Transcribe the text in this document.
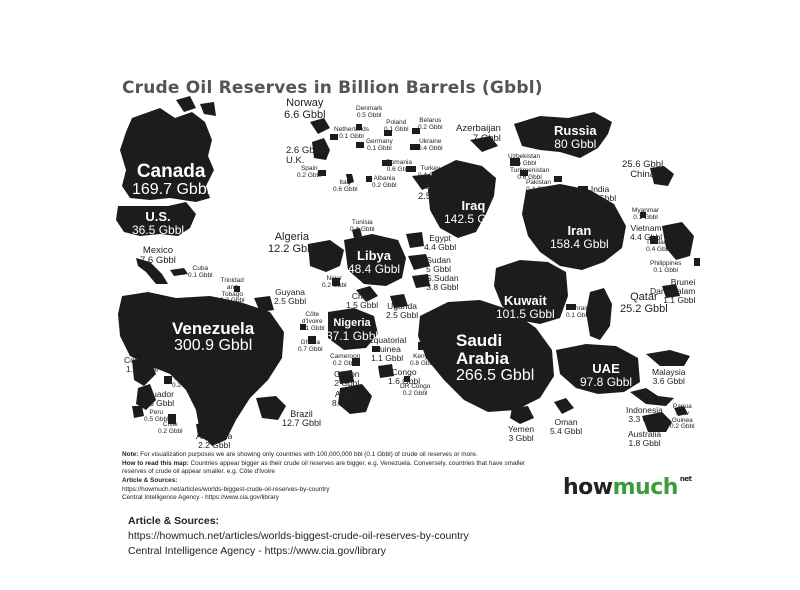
Crude Oil Reserves in Billion Barrels (Gbbl)
Canada
169.7 Gbbl
U.S.
36.5 Gbbl
Venezuela
300.9 Gbbl
Iraq
142.5 Gbbl
Iran
158.4 Gbbl
Russia
80 Gbbl
Kuwait
101.5 Gbbl
Saudi
Arabia
266.5 Gbbl	UAE
97.8 Gbbl
Libya
48.4 Gbbl
Nigeria
37.1 Gbbl
Norway
6.6 Gbbl
Denmark
0.5 Gbbl
Netherlands
0.1 Gbbl
Poland
0.1 Gbbl
Belarus
0.2 Gbbl
2.6 Gbbl
U.K.
Germany
0.1 Gbbl
Ukraine
0.4 Gbbl
Spain
0.2 Gbbl
Romania
0.6 Gbbl	Turkey
0.4 Gbbl
Italy
0.6 Gbbl
Albania
0.2 Gbbl	Syria
2.5 Gbbl
Azerbaijan
7 Gbbl
Uzbekistan
0.6 Gbbl
Turkmenistan
0.6 Gbbl
Pakistan
0.4 Gbbl
25.6 Gbbl
China
India
4.5 Gbbl
Myanmar
0.1 Gbbl
Vietnam
4.4 Gbbl
Thailand
0.4 Gbbl
Philippines
0.1 Gbbl
Brunei
Darussalam
1.1 Gbbl
Qatar
25.2 Gbbl
Bahrain
0.1 Gbbl
Malaysia
3.6 Gbbl
Indonesia
3.3 Gbbl
Papua
New
Guinea
0.2 Gbbl
Australia
1.8 Gbbl
Yemen
3 Gbbl
Oman
5.4 Gbbl
Mexico
7.6 Gbbl
Cuba
0.1 Gbbl
Trinidad
and
Tobago
0.2 Gbbl
Guyana
2.5 Gbbl
Colombia
1.7 Gbbl
Bolivia
0.2 Gbbl
Ecuador
8.3 Gbbl
Peru
0.5 Gbbl
Chile
0.2 Gbbl Argentina
2.2 Gbbl
Brazil
12.7 Gbbl
Algeria
12.2 Gbbl
Tunisia
0.4 Gbbl
Egypt
4.4 Gbbl
Sudan
5 Gbbl
S.Sudan
3.8 Gbbl
Niger
0.2 Gbbl
Chad
1.5 Gbbl Uganda
2.5 Gbbl
Côte
d'Ivoire
0.1 Gbbl
Ghana
0.7 Gbbl
Equatorial
Guinea
1.1 Gbbl
Cameroon
0.2 Gbbl
Kenya
0.8 Gbbl
Gabon
2 Gbbl
Congo
1.6 Gbbl
DR Congo
0.2 Gbbl
Angola
8.3 Gbbl
Note: For visualization purposes we are showing only countries with 100,000,000 bbl (0.1 Gbbl) of crude oil reserves or more.
How to read this map: Countries appear bigger as their crude oil reserves are bigger. e.g. Venezuela. Conversely, countries that have smaller reserves of crude oil appear smaller. e.g. Côte d'Ivoire
Article & Sources:
https://howmuch.net/articles/worlds-biggest-crude-oil-reserves-by-country
Central Intelligence Agency - https://www.cia.gov/library	howmuch $^{net}$
Article & Sources:
https://howmuch.net/articles/worlds-biggest-crude-oil-reserves-by-country
Central Intelligence Agency - https://www.cia.gov/library
